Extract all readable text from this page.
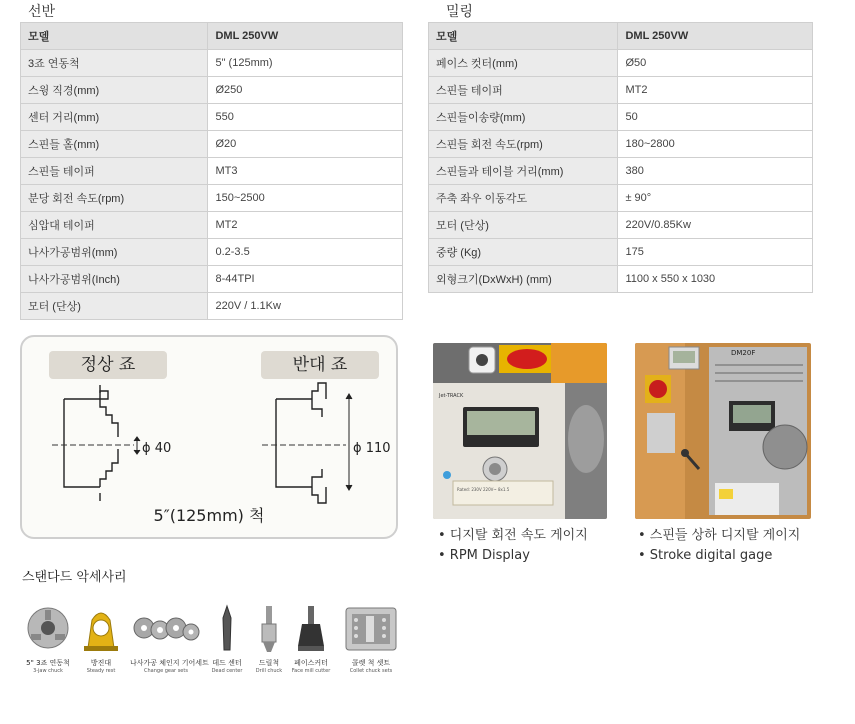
선반
모델	DML 250VW
3죠 연동척	5" (125mm)
스윙 직경(mm)	Ø250
센터 거리(mm)	550
스핀들 홀(mm)	Ø20
스핀들 테이퍼	MT3
분당 회전 속도(rpm)	150~2500
심압대 테이퍼	MT2
나사가공범위(mm)	0.2-3.5
나사가공범위(Inch)	8-44TPI
모터 (단상)	220V / 1.1Kw
밀링
모델	DML 250VW
페이스 컷터(mm)	Ø50
스핀들 테이퍼	MT2
스핀들이송량(mm)	50
스핀들 회전 속도(rpm)	180~2800
스핀들과 테이블 거리(mm)	380
주축 좌우 이동각도	± 90°
모터 (단상)	220V/0.85Kw
중량 (Kg)	175
외형크기(DxWxH) (mm)	1100 x 550 x 1030
정상 죠	반대 죠
ϕ 40	ϕ 110
5″(125mm) 척
Jet-TRACK
Rated: 230V 220V~ 8x1.5
• 디지탈 회전 속도 게이지
• RPM Display
DM20F
• 스핀들 상하 디지탈 게이지
• Stroke digital gage
스탠다드 악세사리
5" 3죠 연동척
3-jaw chuck
방진대
Steady rest
나사가공 체인지 기어세트
Change gear sets
데드 센터
Dead center
드릴척
Drill chuck
페이스커터
Face mill cutter
콜렛 척 셋트
Collet chuck sets
